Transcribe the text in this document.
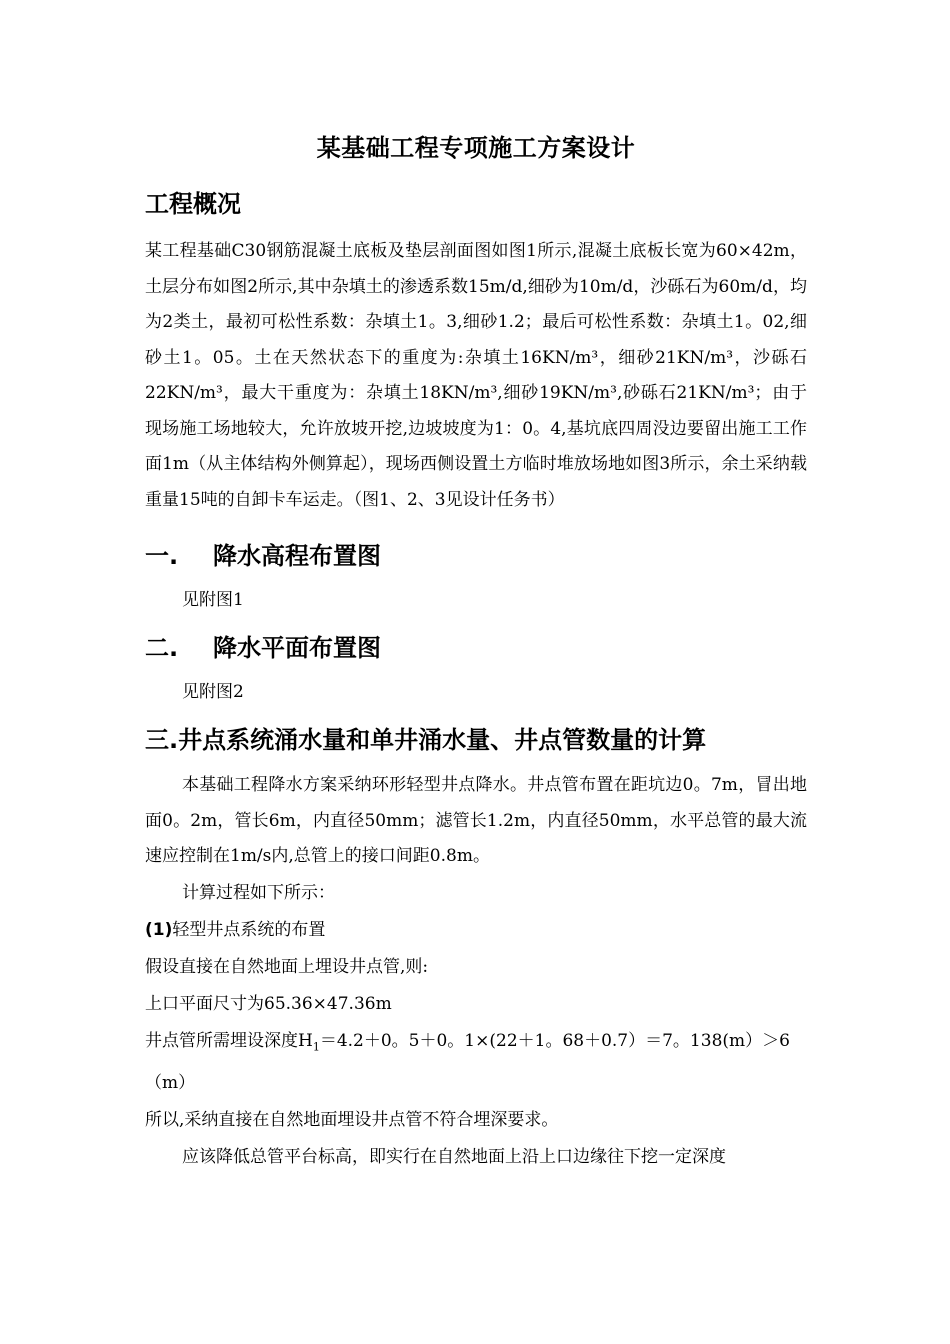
某基础工程专项施工方案设计
工程概况

某工程基础C30钢筋混凝土底板及垫层剖面图如图1所示,混凝土底板长宽为60×42m，土层分布如图2所示,其中杂填土的渗透系数15m/d,细砂为10m/d，沙砾石为60m/d，均为2类土，最初可松性系数：杂填土1。3,细砂1.2；最后可松性系数：杂填土1。02,细砂土1。05。土在天然状态下的重度为:杂填土16KN/m³，细砂21KN/m³，沙砾石22KN/m³，最大干重度为：杂填土18KN/m³,细砂19KN/m³,砂砾石21KN/m³；由于现场施工场地较大，允许放坡开挖,边坡坡度为1：0。4,基坑底四周没边要留出施工工作面1m（从主体结构外侧算起），现场西侧设置土方临时堆放场地如图3所示，余土采纳载重量15吨的自卸卡车运走。（图1、2、3见设计任务书）

一. 降水高程布置图

见附图1

二. 降水平面布置图

见附图2

三.井点系统涌水量和单井涌水量、井点管数量的计算

本基础工程降水方案采纳环形轻型井点降水。井点管布置在距坑边0。7m，冒出地面0。2m，管长6m，内直径50mm；滤管长1.2m，内直径50mm，水平总管的最大流速应控制在1m/s内,总管上的接口间距0.8m。

计算过程如下所示：

(1)轻型井点系统的布置

假设直接在自然地面上埋设井点管,则:

上口平面尺寸为65.36×47.36m

井点管所需埋设深度$H_1=4.2+0$。5＋0。1×(22＋1。68＋0.7）＝7。138(m）＞6（m）

所以,采纳直接在自然地面埋设井点管不符合埋深要求。

应该降低总管平台标高，即实行在自然地面上沿上口边缘往下挖一定深度
